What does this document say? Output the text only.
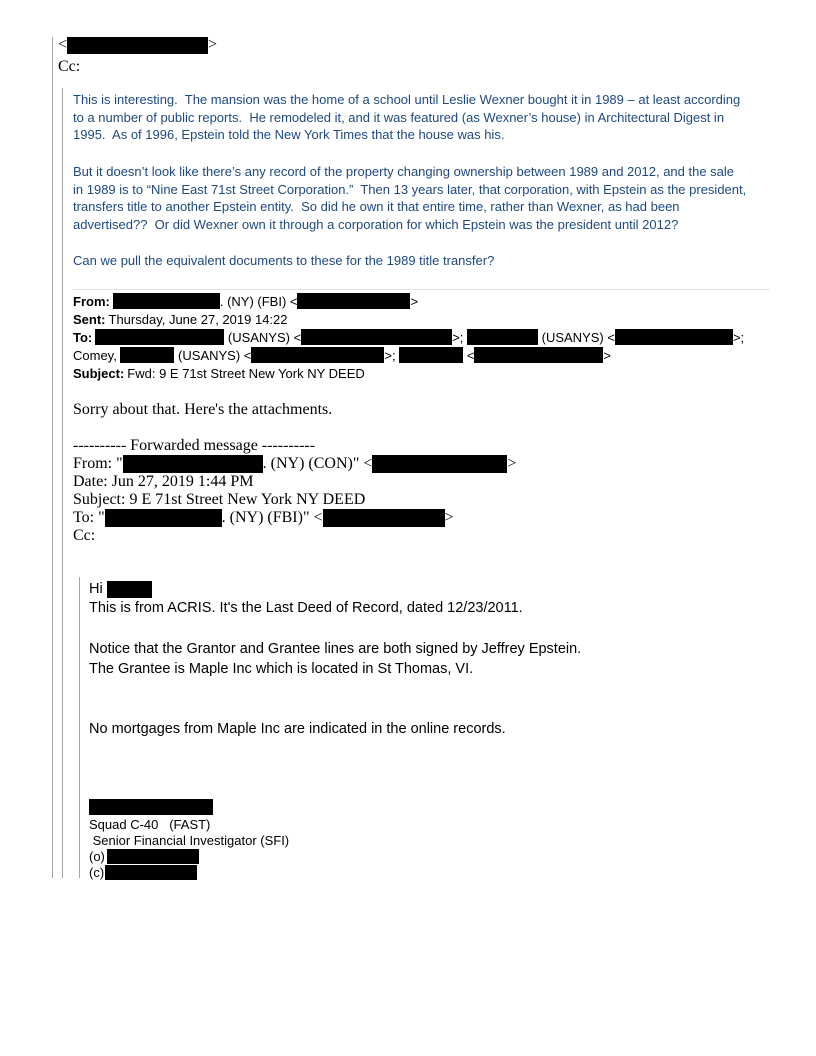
<	>
Cc:
This is interesting.  The mansion was the home of a school until Leslie Wexner bought it in 1989 – at least according
to a number of public reports.  He remodeled it, and it was featured (as Wexner’s house) in Architectural Digest in
1995.  As of 1996, Epstein told the New York Times that the house was his.
But it doesn’t look like there’s any record of the property changing ownership between 1989 and 2012, and the sale
in 1989 is to “Nine East 71st Street Corporation.”  Then 13 years later, that corporation, with Epstein as the president,
transfers title to another Epstein entity.  So did he own it that entire time, rather than Wexner, as had been
advertised??  Or did Wexner own it through a corporation for which Epstein was the president until 2012?
Can we pull the equivalent documents to these for the 1989 title transfer?
From:	. (NY) (FBI) <	>
Sent: Thursday, June 27, 2019 14:22
To:	(USANYS) <	>;	(USANYS) <	>;
Comey,	(USANYS) <	>;	<	>
Subject: Fwd: 9 E 71st Street New York NY DEED
Sorry about that. Here's the attachments.
---------- Forwarded message ----------
From: "	. (NY) (CON)" <	>
Date: Jun 27, 2019 1:44 PM
Subject: 9 E 71st Street New York NY DEED
To: "	. (NY) (FBI)" <	>
Cc:
Hi
This is from ACRIS. It's the Last Deed of Record, dated 12/23/2011.
Notice that the Grantor and Grantee lines are both signed by Jeffrey Epstein.
The Grantee is Maple Inc which is located in St Thomas, VI.
No mortgages from Maple Inc are indicated in the online records.
Squad C-40   (FAST)
Senior Financial Investigator (SFI)
(o)
(c)
